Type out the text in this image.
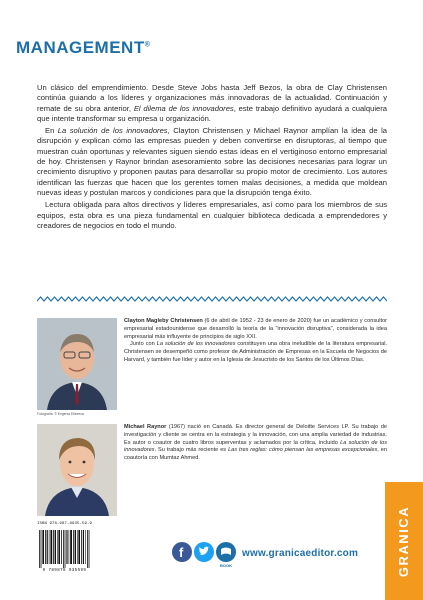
MANAGEMENT®

Un clásico del emprendimiento. Desde Steve Jobs hasta Jeff Bezos, la obra de Clay Christensen continúa guiando a los líderes y organizaciones más innovadoras de la actualidad. Continuación y remate de su obra anterior, El dilema de los innovadores, este trabajo definitivo ayudará a cualquiera que intente transformar su empresa u organización.

En La solución de los innovadores, Clayton Christensen y Michael Raynor amplían la idea de la disrupción y explican cómo las empresas pueden y deben convertirse en disruptoras, al tiempo que muestran cuán oportunas y relevantes siguen siendo estas ideas en el vertiginoso entorno empresarial de hoy. Christensen y Raynor brindan asesoramiento sobre las decisiones necesarias para lograr un crecimiento disruptivo y proponen pautas para desarrollar su propio motor de crecimiento. Los autores identifican las fuerzas que hacen que los gerentes tomen malas decisiones, a medida que moldean nuevas ideas y postulan marcos y condiciones para que la disrupción tenga éxito.

Lectura obligada para altos directivos y líderes empresariales, así como para los miembros de sus equipos, esta obra es una pieza fundamental en cualquier biblioteca dedicada a emprendedores y creadores de negocios en todo el mundo.

Fotografía: © Evgenia Eliseeva

Clayton Magleby Christensen (6 de abril de 1952 - 23 de enero de 2020) fue un académico y consultor empresarial estadounidense que desarrolló la teoría de la "innovación disruptiva", considerada la idea empresarial más influyente de principios de siglo XXI.

Junto con La solución de los innovadores constituyen una obra ineludible de la literatura empresarial. Christensen se desempeñó como profesor de Administración de Empresas en la Escuela de Negocios de Harvard, y también fue líder y autor en la Iglesia de Jesucristo de los Santos de los Últimos Días.

Michael Raynor (1967) nació en Canadá. Es director general de Deloitte Services LP. Su trabajo de investigación y cliente se centra en la estrategia y la innovación, con una amplia variedad de industrias. Es autor o coautor de cuatro libros superventas y aclamados por la crítica, incluido La solución de los innovadores. Su trabajo más reciente es Las tres reglas: cómo piensan las empresas excepcionales, en coautoría con Mumtaz Ahmed.

ISBN 978-987-8935-59-9
9 789878 935599
f
BOOK
www.granicaeditor.com	GRANICA
